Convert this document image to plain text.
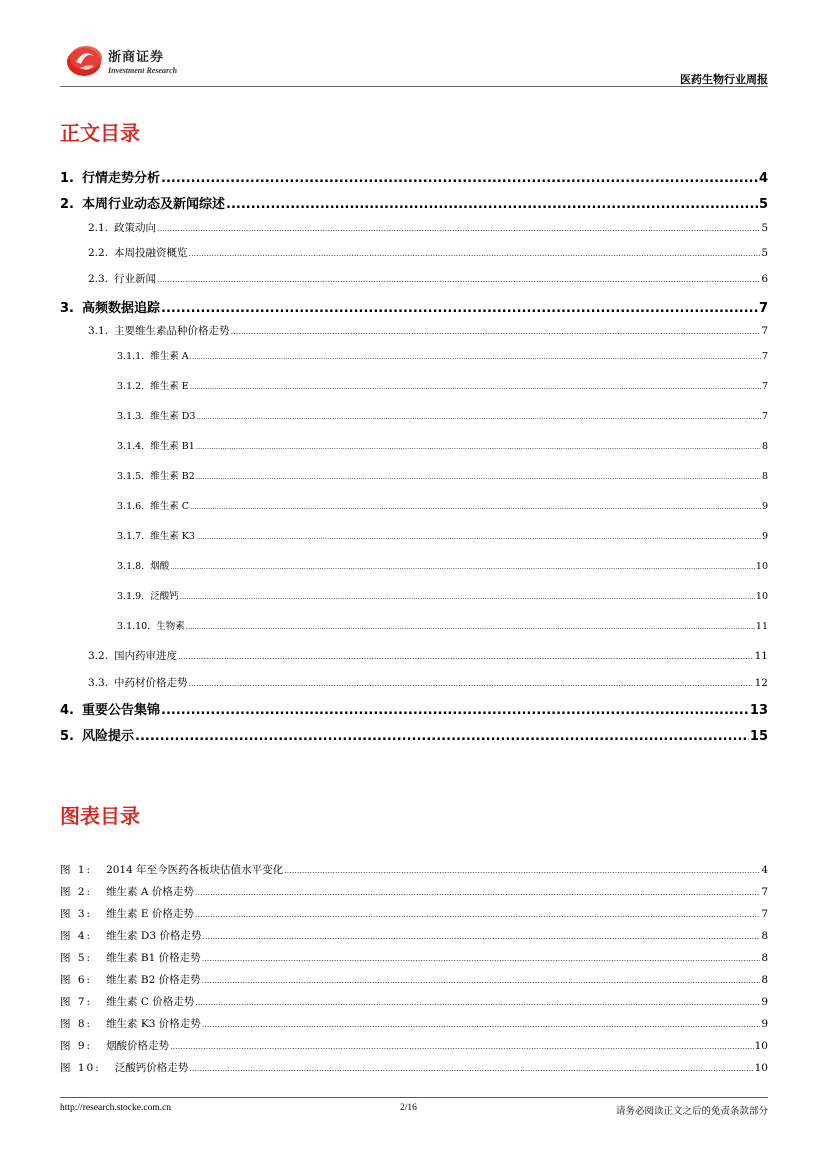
浙商证券
Investment Research
医药生物行业周报
正文目录
1. 行情走势分析 .....	4
2. 本周行业动态及新闻综述 .....	5
2.1. 政策动向 .....	5
2.2. 本周投融资概览 .....	5
2.3. 行业新闻 .....	6
3. 高频数据追踪 .....	7
3.1. 主要维生素品种价格走势 .....	7
3.1.1. 维生素 A .....	7
3.1.2. 维生素 E .....	7
3.1.3. 维生素 D3 .....	7
3.1.4. 维生素 B1 .....	8
3.1.5. 维生素 B2 .....	8
3.1.6. 维生素 C .....	9
3.1.7. 维生素 K3 .....	9
3.1.8. 烟酸 .....	10
3.1.9. 泛酸钙 .....	10
3.1.10. 生物素 .....	11
3.2. 国内药审进度 .....	11
3.3. 中药材价格走势 .....	12
4. 重要公告集锦 .....	13
5. 风险提示 .....	15
图表目录
图 1: 2014 年至今医药各板块估值水平变化 .....	4
图 2: 维生素 A 价格走势 .....	7
图 3: 维生素 E 价格走势 .....	7
图 4: 维生素 D3 价格走势 .....	8
图 5: 维生素 B1 价格走势 .....	8
图 6: 维生素 B2 价格走势 .....	8
图 7: 维生素 C 价格走势 .....	9
图 8: 维生素 K3 价格走势 .....	9
图 9: 烟酸价格走势 .....	10
图 10: 泛酸钙价格走势 .....	10
http://research.stocke.com.cn	2/16	请务必阅读正文之后的免责条款部分
